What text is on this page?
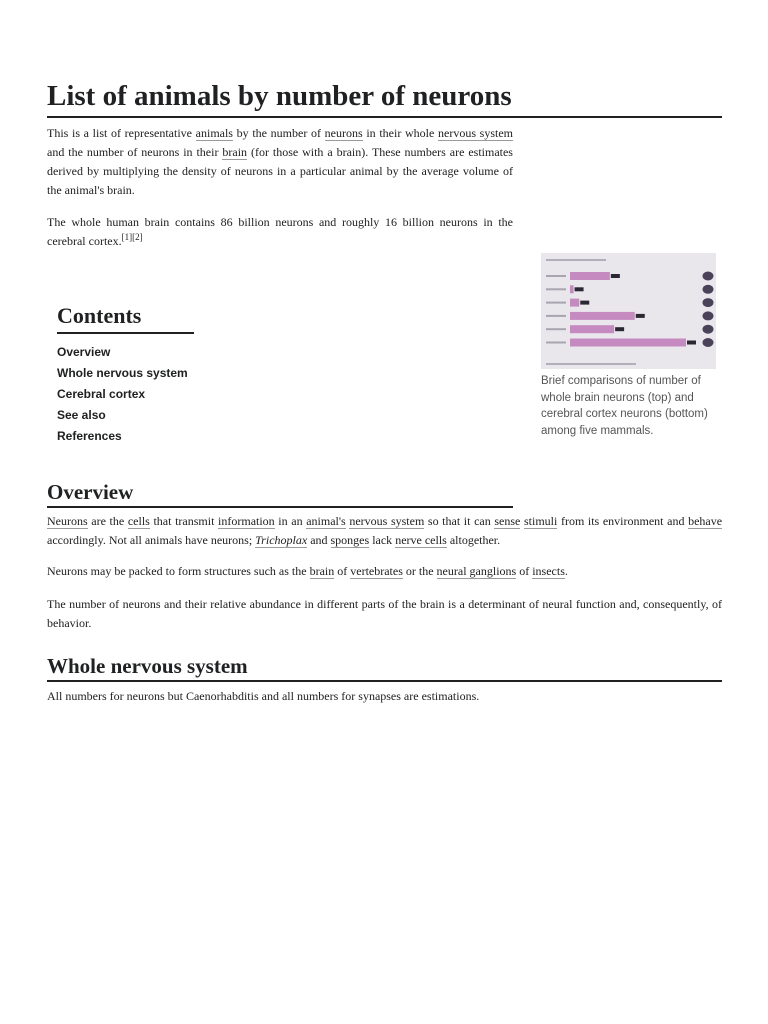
List of animals by number of neurons

This is a list of representative animals by the number of neurons in their whole nervous system and the number of neurons in their brain (for those with a brain). These numbers are estimates derived by multiplying the density of neurons in a particular animal by the average volume of the animal's brain.

The whole human brain contains 86 billion neurons and roughly 16 billion neurons in the cerebral cortex.[1][2]

Contents
Overview
Whole nervous system
Cerebral cortex
See also
References
Brief comparisons of number of whole brain neurons (top) and cerebral cortex neurons (bottom) among five mammals.
Overview

Neurons are the cells that transmit information in an animal's nervous system so that it can sense stimuli from its environment and behave accordingly. Not all animals have neurons; Trichoplax and sponges lack nerve cells altogether.

Neurons may be packed to form structures such as the brain of vertebrates or the neural ganglions of insects.

The number of neurons and their relative abundance in different parts of the brain is a determinant of neural function and, consequently, of behavior.

Whole nervous system

All numbers for neurons but Caenorhabditis and all numbers for synapses are estimations.
